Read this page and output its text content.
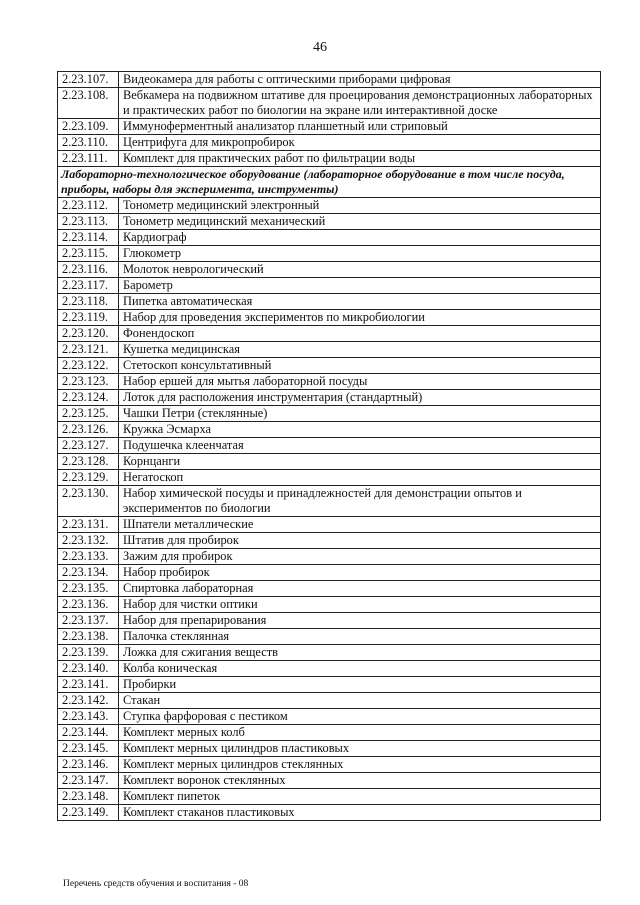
46
2.23.107.	Видеокамера для работы с оптическими приборами цифровая
2.23.108.	Вебкамера на подвижном штативе для проецирования демонстрационных лабораторных и практических работ по биологии на экране или интерактивной доске
2.23.109.	Иммуноферментный анализатор планшетный или стриповый
2.23.110.	Центрифуга для микропробирок
2.23.111.	Комплект для практических работ по фильтрации воды
Лабораторно-технологическое оборудование (лабораторное оборудование в том числе посуда, приборы, наборы для эксперимента, инструменты)	
2.23.112.	Тонометр медицинский электронный
2.23.113.	Тонометр медицинский механический
2.23.114.	Кардиограф
2.23.115.	Глюкометр
2.23.116.	Молоток неврологический
2.23.117.	Барометр
2.23.118.	Пипетка автоматическая
2.23.119.	Набор для проведения экспериментов по микробиологии
2.23.120.	Фонендоскоп
2.23.121.	Кушетка медицинская
2.23.122.	Стетоскоп консультативный
2.23.123.	Набор ершей для мытья лабораторной посуды
2.23.124.	Лоток для расположения инструментария (стандартный)
2.23.125.	Чашки Петри (стеклянные)
2.23.126.	Кружка Эсмарха
2.23.127.	Подушечка клеенчатая
2.23.128.	Корнцанги
2.23.129.	Негатоскоп
2.23.130.	Набор химической посуды и принадлежностей для демонстрации опытов и экспериментов по биологии
2.23.131.	Шпатели металлические
2.23.132.	Штатив для пробирок
2.23.133.	Зажим для пробирок
2.23.134.	Набор пробирок
2.23.135.	Спиртовка лабораторная
2.23.136.	Набор для чистки оптики
2.23.137.	Набор для препарирования
2.23.138.	Палочка стеклянная
2.23.139.	Ложка для сжигания веществ
2.23.140.	Колба коническая
2.23.141.	Пробирки
2.23.142.	Стакан
2.23.143.	Ступка фарфоровая с пестиком
2.23.144.	Комплект мерных колб
2.23.145.	Комплект мерных цилиндров пластиковых
2.23.146.	Комплект мерных цилиндров стеклянных
2.23.147.	Комплект воронок стеклянных
2.23.148.	Комплект пипеток
2.23.149.	Комплект стаканов пластиковых
Перечень средств обучения и воспитания - 08
